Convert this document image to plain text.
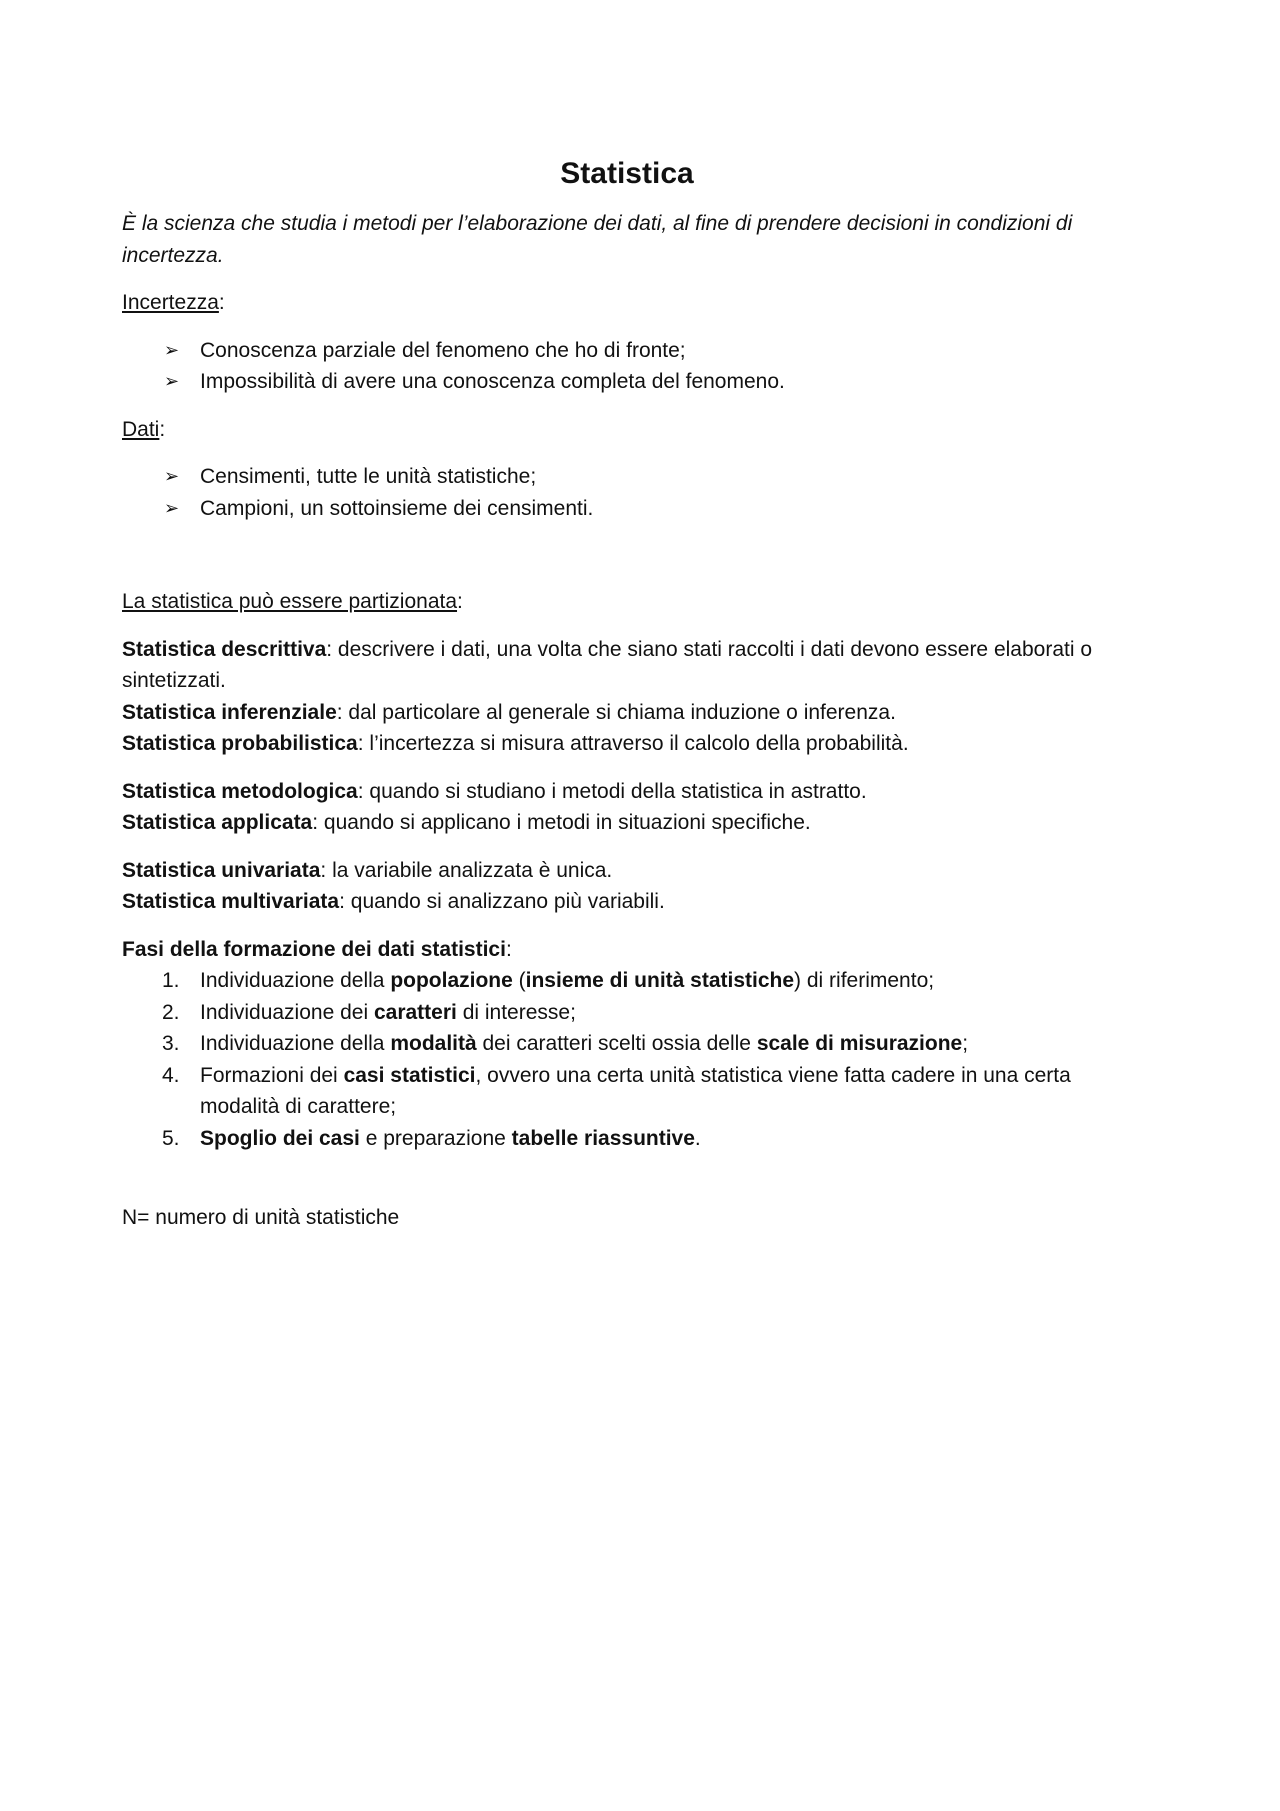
Statistica

È la scienza che studia i metodi per l’elaborazione dei dati, al fine di prendere decisioni in condizioni di incertezza.

Incertezza:

➢ Conoscenza parziale del fenomeno che ho di fronte;
➢ Impossibilità di avere una conoscenza completa del fenomeno.

Dati:

➢ Censimenti, tutte le unità statistiche;
➢ Campioni, un sottoinsieme dei censimenti.

La statistica può essere partizionata:

Statistica descrittiva: descrivere i dati, una volta che siano stati raccolti i dati devono essere elaborati o sintetizzati.

Statistica inferenziale: dal particolare al generale si chiama induzione o inferenza.

Statistica probabilistica: l’incertezza si misura attraverso il calcolo della probabilità.

Statistica metodologica: quando si studiano i metodi della statistica in astratto.

Statistica applicata: quando si applicano i metodi in situazioni specifiche.

Statistica univariata: la variabile analizzata è unica.

Statistica multivariata: quando si analizzano più variabili.

Fasi della formazione dei dati statistici:

1. Individuazione della popolazione (insieme di unità statistiche) di riferimento;
2. Individuazione dei caratteri di interesse;
3. Individuazione della modalità dei caratteri scelti ossia delle scale di misurazione;
4. Formazioni dei casi statistici, ovvero una certa unità statistica viene fatta cadere in una certa modalità di carattere;
5. Spoglio dei casi e preparazione tabelle riassuntive.

N= numero di unità statistiche
